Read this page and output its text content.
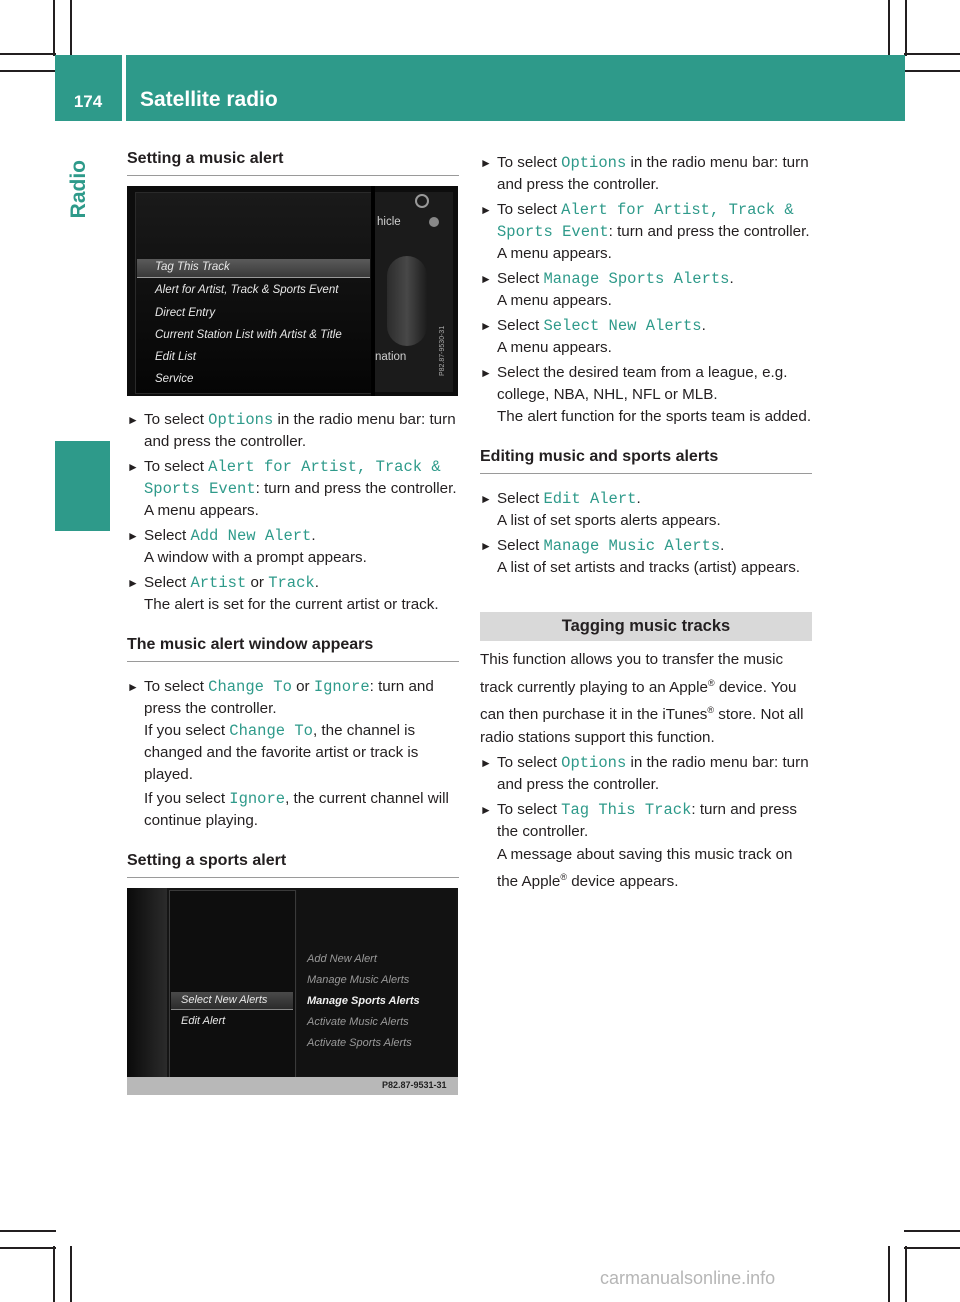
174	Satellite radio
Radio
Setting a music alert
hicle
nation	P82.87-9530-31
Tag This Track
Alert for Artist, Track & Sports Event
Direct Entry
Current Station List with Artist & Title
Edit List
Service
► To select Options in the radio menu bar: turn and press the controller.
► To select Alert for Artist, Track & Sports Event: turn and press the controller.
A menu appears.
► Select Add New Alert.
A window with a prompt appears.
► Select Artist or Track.
The alert is set for the current artist or track.
The music alert window appears
► To select Change To or Ignore: turn and press the controller.
If you select Change To, the channel is changed and the favorite artist or track is played.
If you select Ignore, the current channel will continue playing.
Setting a sports alert
Select New Alerts
Edit Alert
Add New Alert
Manage Music Alerts
Manage Sports Alerts
Activate Music Alerts
Activate Sports Alerts
P82.87-9531-31
► To select Options in the radio menu bar: turn and press the controller.
► To select Alert for Artist, Track & Sports Event: turn and press the controller.
A menu appears.
► Select Manage Sports Alerts.
A menu appears.
► Select Select New Alerts.
A menu appears.
► Select the desired team from a league, e.g. college, NBA, NHL, NFL or MLB.
The alert function for the sports team is added.
Editing music and sports alerts
► Select Edit Alert.
A list of set sports alerts appears.
► Select Manage Music Alerts.
A list of set artists and tracks (artist) appears.
Tagging music tracks
This function allows you to transfer the music track currently playing to an Apple® device. You can then purchase it in the iTunes® store. Not all radio stations support this function.
► To select Options in the radio menu bar: turn and press the controller.
► To select Tag This Track: turn and press the controller.
A message about saving this music track on the Apple® device appears.
carmanualsonline.info
